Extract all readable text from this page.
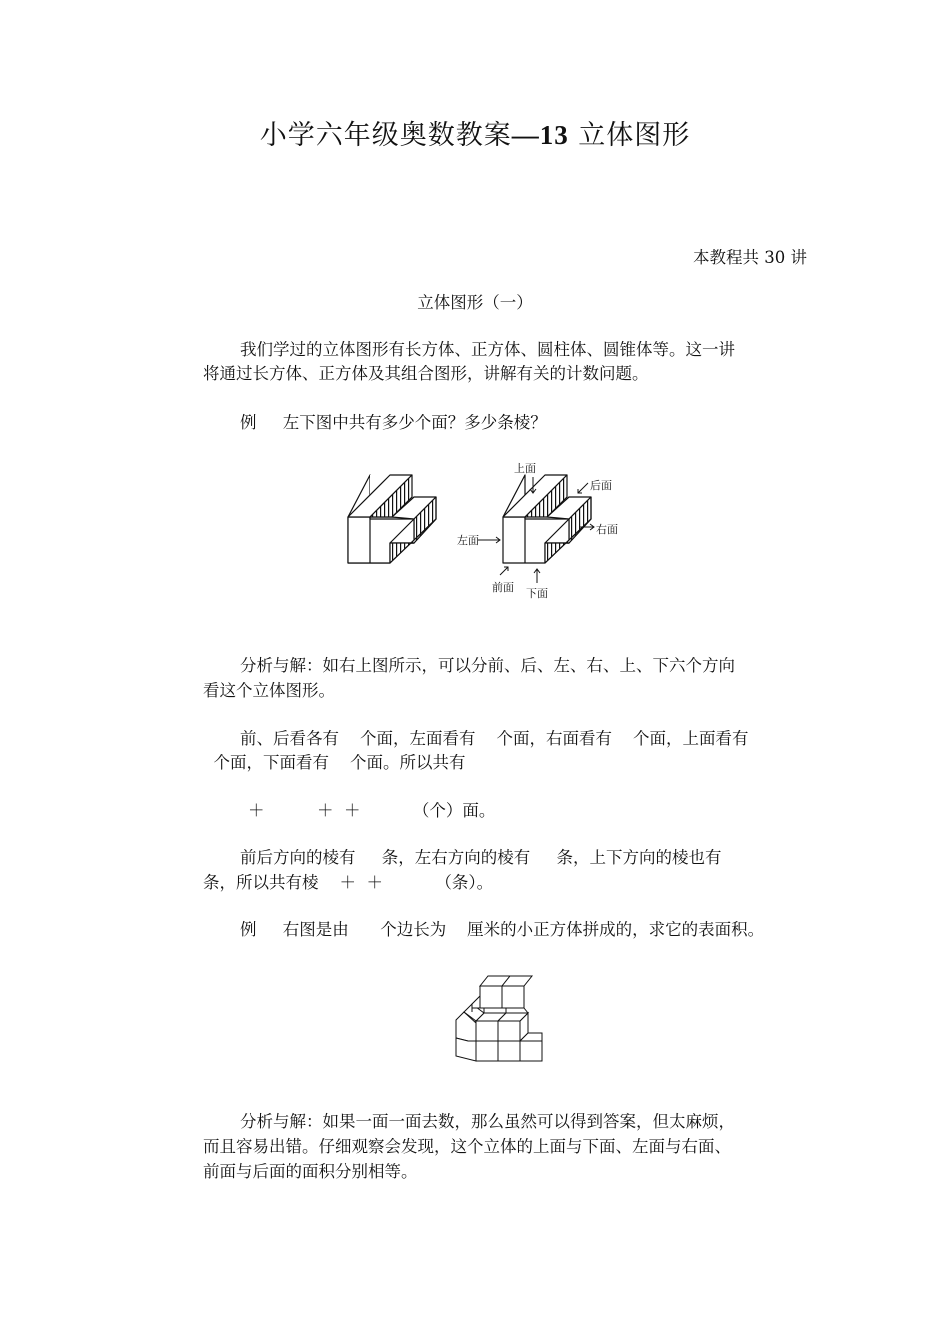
小学六年级奥数教案—13 立体图形
本教程共 30 讲
立体图形（一）
我们学过的立体图形有长方体、正方体、圆柱体、圆锥体等。这一讲
将通过长方体、正方体及其组合图形，讲解有关的计数问题。
例     左下图中共有多少个面？多少条棱？
上面
后面
左面
右面
前面 下面
分析与解：如右上图所示，可以分前、后、左、右、上、下六个方向
看这个立体图形。
前、后看各有    个面，左面看有    个面，右面看有    个面，上面看有
个面，下面看有    个面。所以共有
＋          ＋  ＋          （个）面。
前后方向的棱有     条，左右方向的棱有     条，上下方向的棱也有
条，所以共有棱    ＋  ＋          （条）。
例     右图是由      个边长为    厘米的小正方体拼成的，求它的表面积。
分析与解：如果一面一面去数，那么虽然可以得到答案，但太麻烦，
而且容易出错。仔细观察会发现，这个立体的上面与下面、左面与右面、
前面与后面的面积分别相等。
